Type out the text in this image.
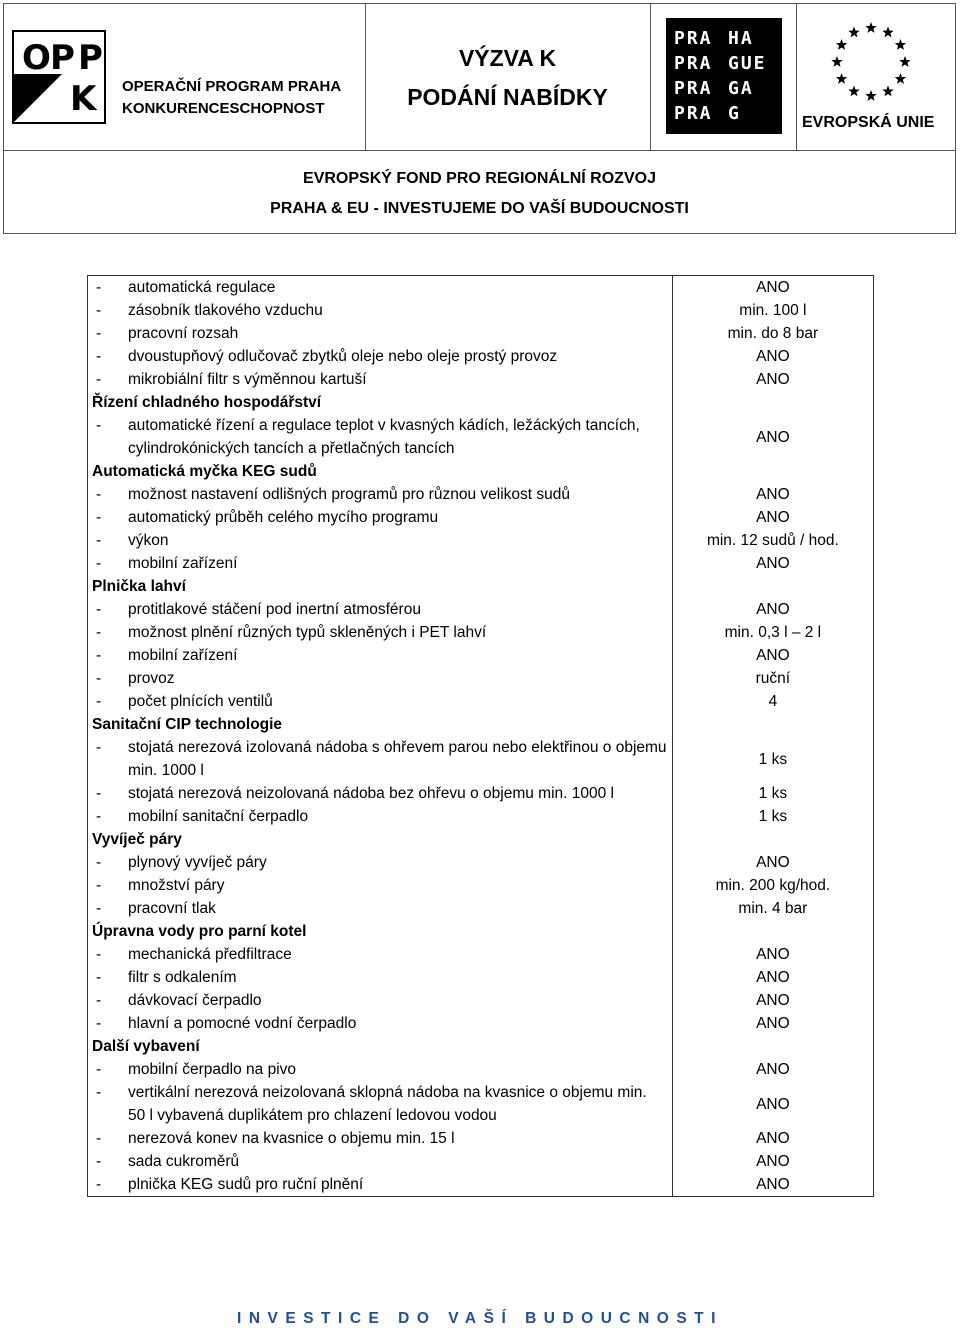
O P P
K OPERAČNÍ PROGRAM PRAHA
KONKURENCESCHOPNOST
VÝZVA K
PODÁNÍ NABÍDKY
PRA HA
PRA GUE
PRA GA
PRA G	EVROPSKÁ UNIE
EVROPSKÝ FOND PRO REGIONÁLNÍ ROZVOJ
PRAHA & EU - INVESTUJEME DO VAŠÍ BUDOUCNOSTI
- automatická regulace	ANO

- zásobník tlakového vzduchu	min. 100 l

- pracovní rozsah	min. do 8 bar

- dvoustupňový odlučovač zbytků oleje nebo oleje prostý provoz	ANO

- mikrobiální filtr s výměnnou kartuší	ANO
Řízení chladného hospodářství	

- automatické řízení a regulace teplot v kvasných kádích, ležáckých tancích, cylindrokónických tancích a přetlačných tancích	ANO
Automatická myčka KEG sudů	

- možnost nastavení odlišných programů pro různou velikost sudů	ANO

- automatický průběh celého mycího programu	ANO

- výkon	min. 12 sudů / hod.

- mobilní zařízení	ANO
Plnička lahví	

- protitlakové stáčení pod inertní atmosférou	ANO

- možnost plnění různých typů skleněných i PET lahví	min. 0,3 l – 2 l

- mobilní zařízení	ANO

- provoz	ruční

- počet plnících ventilů	4
Sanitační CIP technologie	

- stojatá nerezová izolovaná nádoba s ohřevem parou nebo elektřinou o objemu min. 1000 l	1 ks

- stojatá nerezová neizolovaná nádoba bez ohřevu o objemu min. 1000 l	1 ks

- mobilní sanitační čerpadlo	1 ks
Vyvíječ páry	

- plynový vyvíječ páry	ANO

- množství páry	min. 200 kg/hod.

- pracovní tlak	min. 4 bar
Úpravna vody pro parní kotel	

- mechanická předfiltrace	ANO

- filtr s odkalením	ANO

- dávkovací čerpadlo	ANO

- hlavní a pomocné vodní čerpadlo	ANO
Další vybavení	

- mobilní čerpadlo na pivo	ANO

- vertikální nerezová neizolovaná sklopná nádoba na kvasnice o objemu min. 50 l vybavená duplikátem pro chlazení ledovou vodou	ANO

- nerezová konev na kvasnice o objemu min. 15 l	ANO

- sada cukroměrů	ANO

- plnička KEG sudů pro ruční plnění	ANO
INVESTICE DO VAŠÍ BUDOUCNOSTI
